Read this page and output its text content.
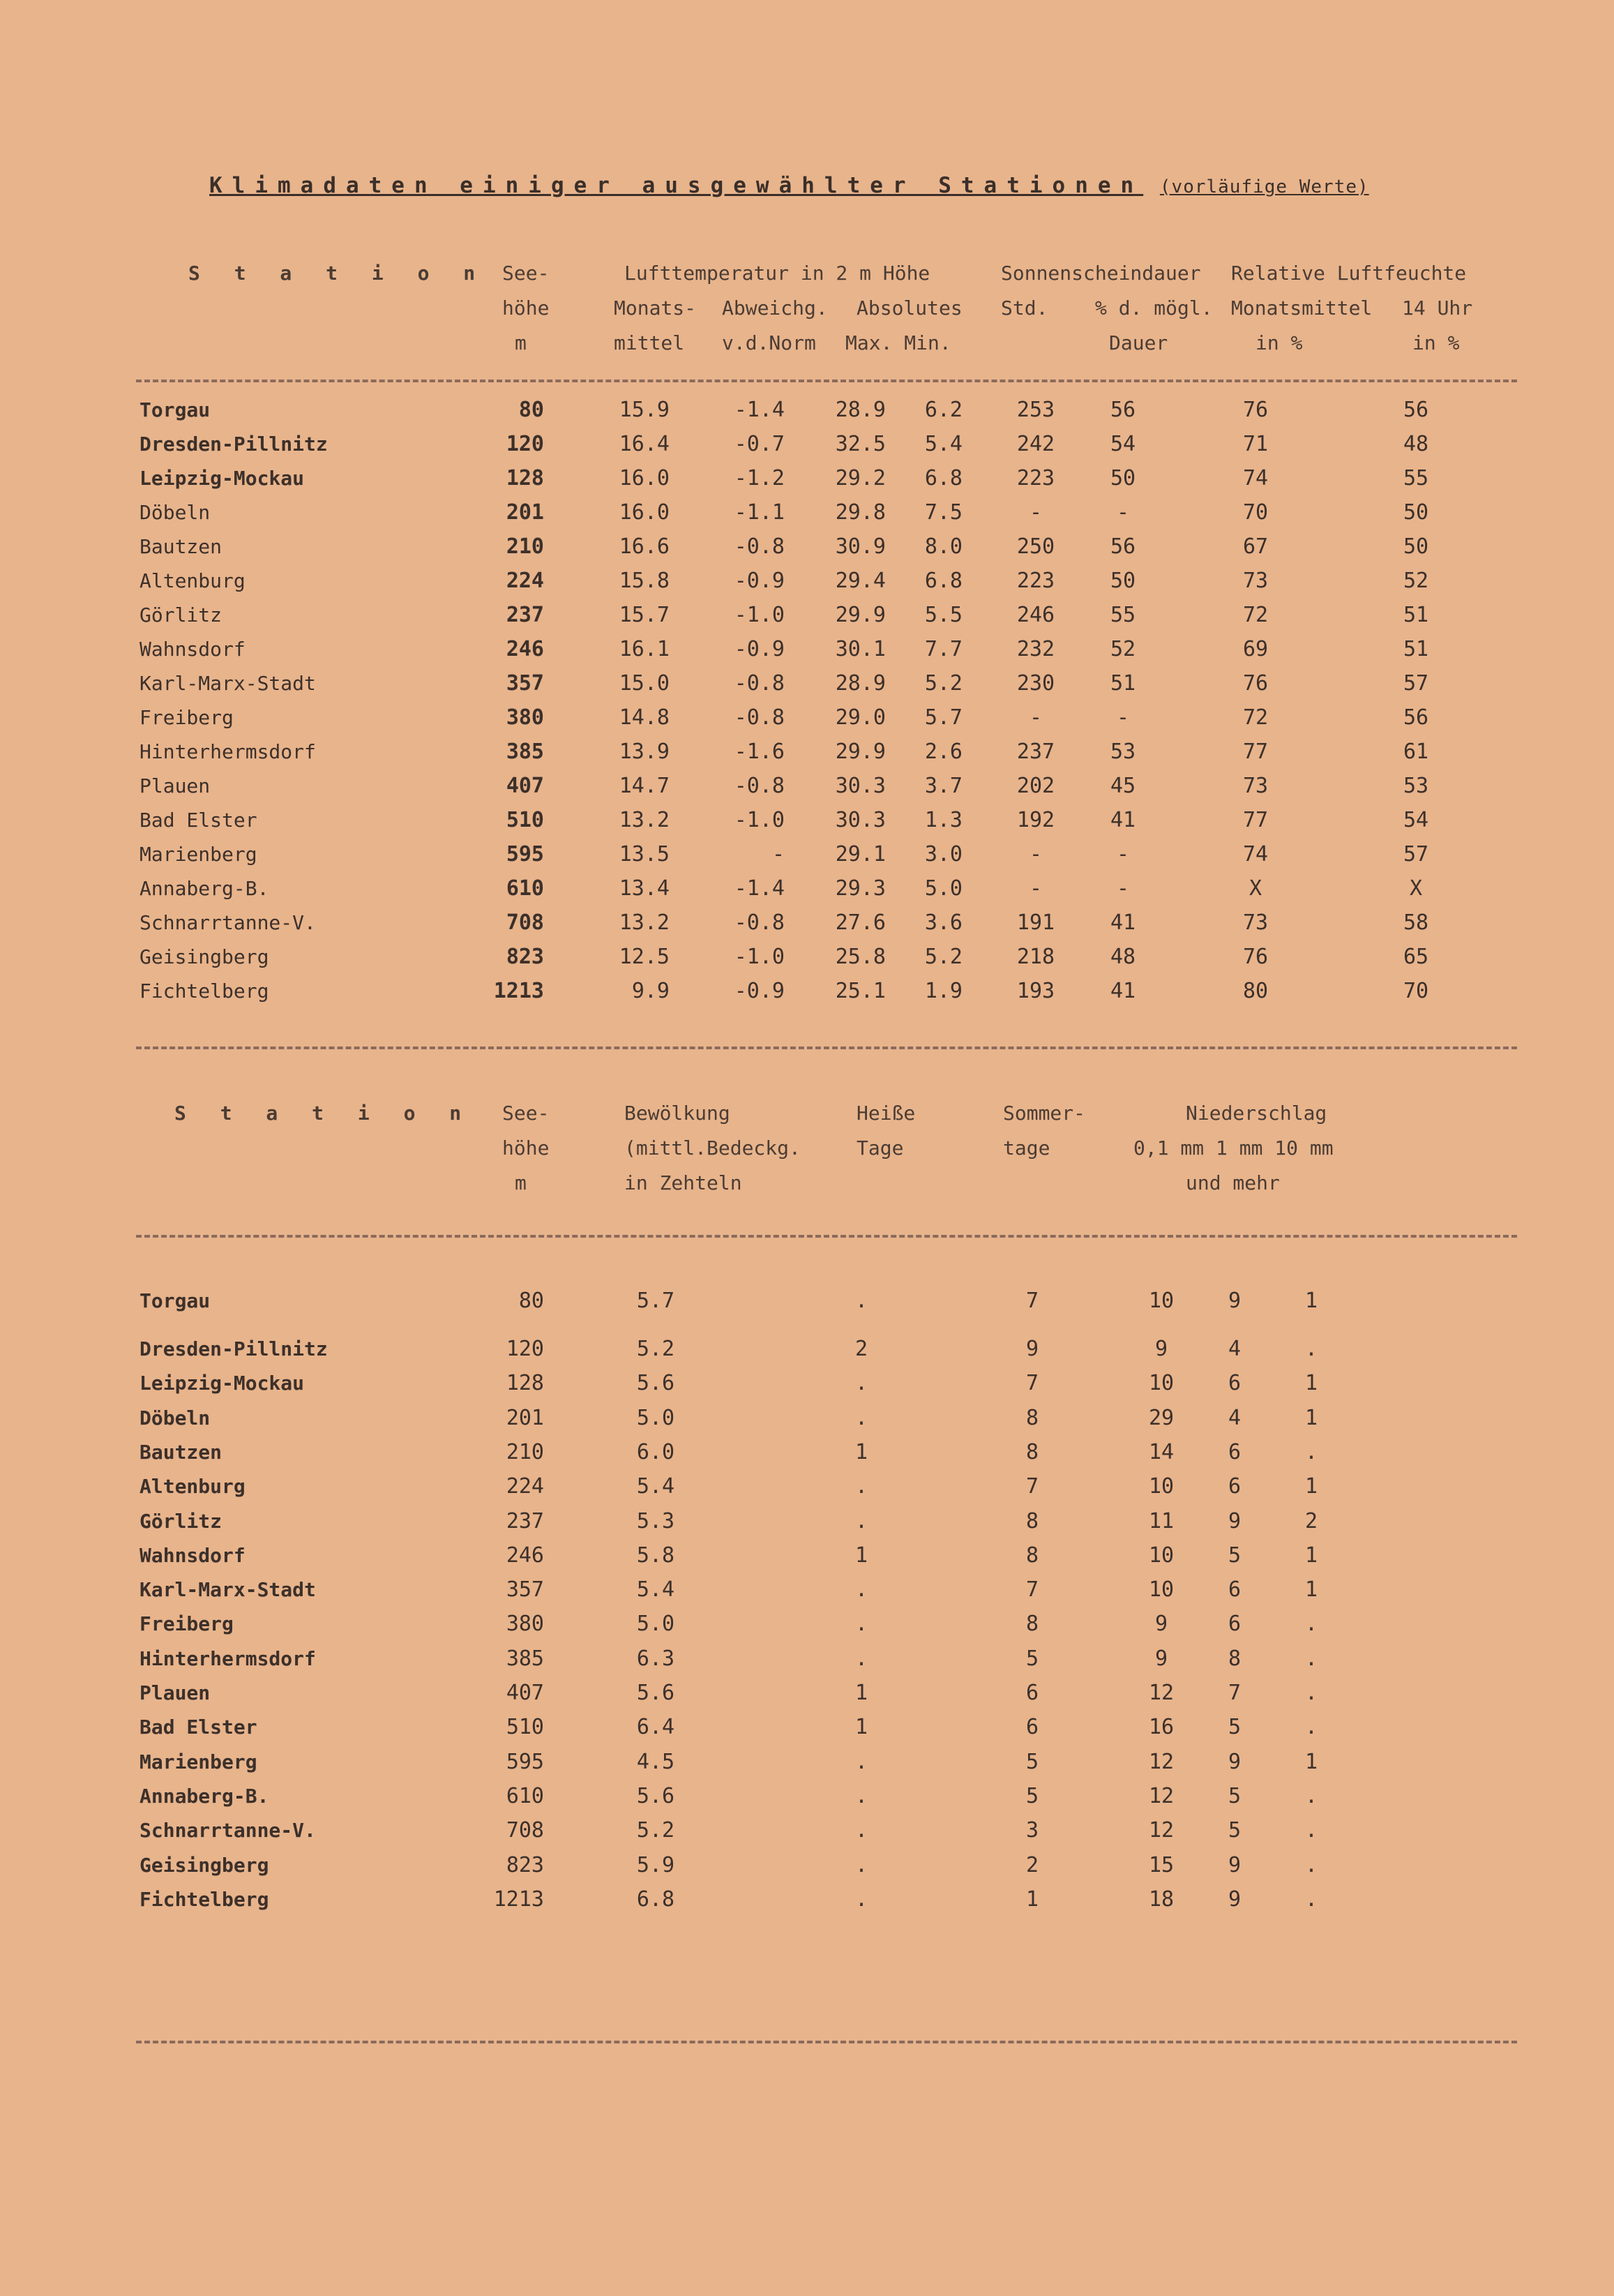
Klimadaten einiger ausgewählter Stationen (vorläufige Werte)
S t a t i o n See-
höhe
m
Lufttemperatur in 2 m Höhe
Monats-
mittel
Abweichg.
v.d.Norm
Absolutes
Max. Min.
Sonnenscheindauer
Std. % d. mögl.
Dauer
Relative Luftfeuchte
Monatsmittel
in %
14 Uhr
in %
Torgau	80	15.9	-1.4	28.9	6.2	253	56	76	56
Dresden-Pillnitz	120	16.4	-0.7	32.5	5.4	242	54	71	48
Leipzig-Mockau	128	16.0	-1.2	29.2	6.8	223	50	74	55
Döbeln	201	16.0	-1.1	29.8	7.5	-	-	70	50
Bautzen	210	16.6	-0.8	30.9	8.0	250	56	67	50
Altenburg	224	15.8	-0.9	29.4	6.8	223	50	73	52
Görlitz	237	15.7	-1.0	29.9	5.5	246	55	72	51
Wahnsdorf	246	16.1	-0.9	30.1	7.7	232	52	69	51
Karl-Marx-Stadt	357	15.0	-0.8	28.9	5.2	230	51	76	57
Freiberg	380	14.8	-0.8	29.0	5.7	-	-	72	56
Hinterhermsdorf	385	13.9	-1.6	29.9	2.6	237	53	77	61
Plauen	407	14.7	-0.8	30.3	3.7	202	45	73	53
Bad Elster	510	13.2	-1.0	30.3	1.3	192	41	77	54
Marienberg	595	13.5	-	29.1	3.0	-	-	74	57
Annaberg-B.	610	13.4	-1.4	29.3	5.0	-	-	X	X
Schnarrtanne-V.	708	13.2	-0.8	27.6	3.6	191	41	73	58
Geisingberg	823	12.5	-1.0	25.8	5.2	218	48	76	65
Fichtelberg	1213	9.9	-0.9	25.1	1.9	193	41	80	70
S t a t i o n See-
höhe
m
Bewölkung
(mittl.Bedeckg.
in Zehteln
Heiße
Tage
Sommer-
tage
Niederschlag
0,1 mm 1 mm 10 mm
und mehr
Torgau	80	5.7	.	7	10	9	1
Dresden-Pillnitz	120	5.2	2	9	9	4	.
Leipzig-Mockau	128	5.6	.	7	10	6	1
Döbeln	201	5.0	.	8	29	4	1
Bautzen	210	6.0	1	8	14	6	.
Altenburg	224	5.4	.	7	10	6	1
Görlitz	237	5.3	.	8	11	9	2
Wahnsdorf	246	5.8	1	8	10	5	1
Karl-Marx-Stadt	357	5.4	.	7	10	6	1
Freiberg	380	5.0	.	8	9	6	.
Hinterhermsdorf	385	6.3	.	5	9	8	.
Plauen	407	5.6	1	6	12	7	.
Bad Elster	510	6.4	1	6	16	5	.
Marienberg	595	4.5	.	5	12	9	1
Annaberg-B.	610	5.6	.	5	12	5	.
Schnarrtanne-V.	708	5.2	.	3	12	5	.
Geisingberg	823	5.9	.	2	15	9	.
Fichtelberg	1213	6.8	.	1	18	9	.
